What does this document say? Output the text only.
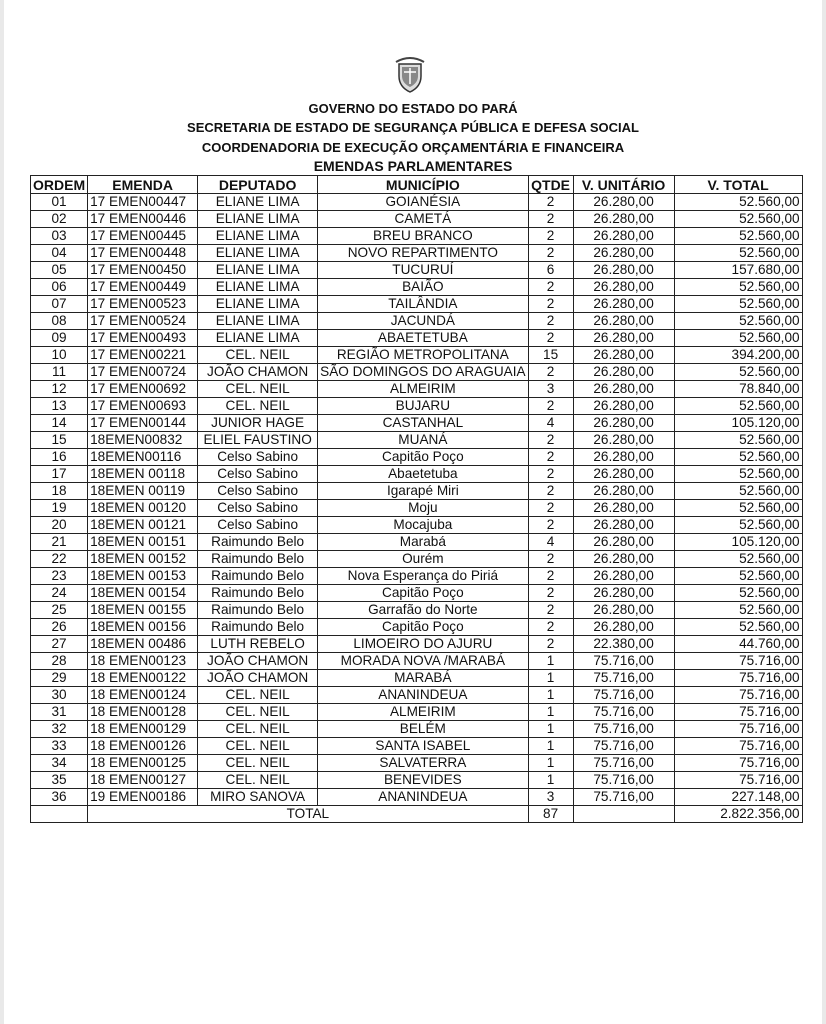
GOVERNO DO ESTADO DO PARÁ
SECRETARIA DE ESTADO DE SEGURANÇA PÚBLICA E DEFESA SOCIAL
COORDENADORIA DE EXECUÇÃO ORÇAMENTÁRIA E FINANCEIRA
EMENDAS PARLAMENTARES
ORDEM	EMENDA	DEPUTADO	MUNICÍPIO	QTDE	V. UNITÁRIO	V. TOTAL
01	17 EMEN00447	ELIANE LIMA	GOIANÉSIA	2	26.280,00	52.560,00
02	17 EMEN00446	ELIANE LIMA	CAMETÁ	2	26.280,00	52.560,00
03	17 EMEN00445	ELIANE LIMA	BREU BRANCO	2	26.280,00	52.560,00
04	17 EMEN00448	ELIANE LIMA	NOVO REPARTIMENTO	2	26.280,00	52.560,00
05	17 EMEN00450	ELIANE LIMA	TUCURUÍ	6	26.280,00	157.680,00
06	17 EMEN00449	ELIANE LIMA	BAIÃO	2	26.280,00	52.560,00
07	17 EMEN00523	ELIANE LIMA	TAILÂNDIA	2	26.280,00	52.560,00
08	17 EMEN00524	ELIANE LIMA	JACUNDÁ	2	26.280,00	52.560,00
09	17 EMEN00493	ELIANE LIMA	ABAETETUBA	2	26.280,00	52.560,00
10	17 EMEN00221	CEL. NEIL	REGIÃO METROPOLITANA	15	26.280,00	394.200,00
11	17 EMEN00724	JOÃO CHAMON	SÃO DOMINGOS DO ARAGUAIA	2	26.280,00	52.560,00
12	17 EMEN00692	CEL. NEIL	ALMEIRIM	3	26.280,00	78.840,00
13	17 EMEN00693	CEL. NEIL	BUJARU	2	26.280,00	52.560,00
14	17 EMEN00144	JUNIOR HAGE	CASTANHAL	4	26.280,00	105.120,00
15	18EMEN00832	ELIEL FAUSTINO	MUANÁ	2	26.280,00	52.560,00
16	18EMEN00116	Celso Sabino	Capitão Poço	2	26.280,00	52.560,00
17	18EMEN 00118	Celso Sabino	Abaetetuba	2	26.280,00	52.560,00
18	18EMEN 00119	Celso Sabino	Igarapé Miri	2	26.280,00	52.560,00
19	18EMEN 00120	Celso Sabino	Moju	2	26.280,00	52.560,00
20	18EMEN 00121	Celso Sabino	Mocajuba	2	26.280,00	52.560,00
21	18EMEN 00151	Raimundo Belo	Marabá	4	26.280,00	105.120,00
22	18EMEN 00152	Raimundo Belo	Ourém	2	26.280,00	52.560,00
23	18EMEN 00153	Raimundo Belo	Nova Esperança do Piriá	2	26.280,00	52.560,00
24	18EMEN 00154	Raimundo Belo	Capitão Poço	2	26.280,00	52.560,00
25	18EMEN 00155	Raimundo Belo	Garrafão do Norte	2	26.280,00	52.560,00
26	18EMEN 00156	Raimundo Belo	Capitão Poço	2	26.280,00	52.560,00
27	18EMEN 00486	LUTH REBELO	LIMOEIRO DO AJURU	2	22.380,00	44.760,00
28	18 EMEN00123	JOÃO CHAMON	MORADA NOVA /MARABÁ	1	75.716,00	75.716,00
29	18 EMEN00122	JOÃO CHAMON	MARABÁ	1	75.716,00	75.716,00
30	18 EMEN00124	CEL. NEIL	ANANINDEUA	1	75.716,00	75.716,00
31	18 EMEN00128	CEL. NEIL	ALMEIRIM	1	75.716,00	75.716,00
32	18 EMEN00129	CEL. NEIL	BELÉM	1	75.716,00	75.716,00
33	18 EMEN00126	CEL. NEIL	SANTA ISABEL	1	75.716,00	75.716,00
34	18 EMEN00125	CEL. NEIL	SALVATERRA	1	75.716,00	75.716,00
35	18 EMEN00127	CEL. NEIL	BENEVIDES	1	75.716,00	75.716,00
36	19 EMEN00186	MIRO SANOVA	ANANINDEUA	3	75.716,00	227.148,00
	TOTAL			87		2.822.356,00
